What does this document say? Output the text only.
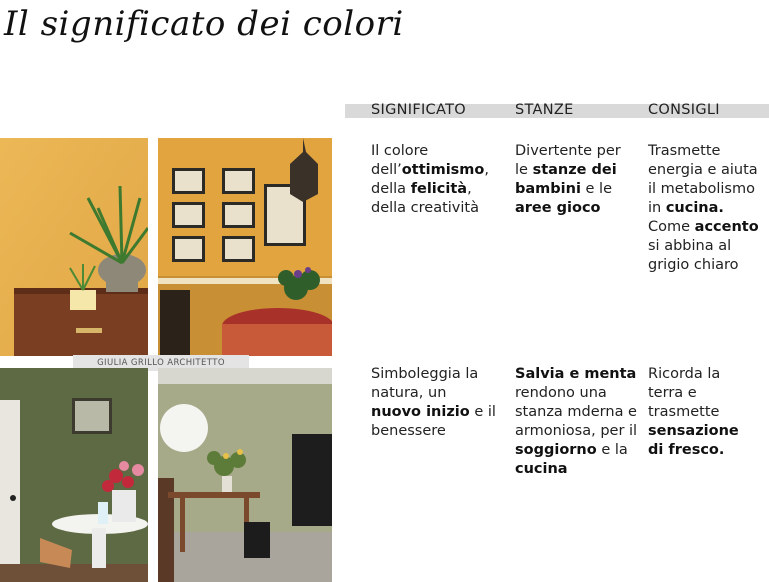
Il significato dei colori
SIGNIFICATO	STANZE	CONSIGLI
GIULIA GRILLO ARCHITETTO
Il colore dell’ottimismo, della felicità, della creatività
Divertente per le stanze dei bambini e le aree gioco
Trasmette energia e aiuta il metabolismo in cucina. Come accento si abbina al grigio chiaro
Simboleggia la natura, un nuovo inizio e il benessere
Salvia e menta rendono una stanza mderna e armoniosa, per il soggiorno e la cucina
Ricorda la terra e trasmette sensazione di fresco.
